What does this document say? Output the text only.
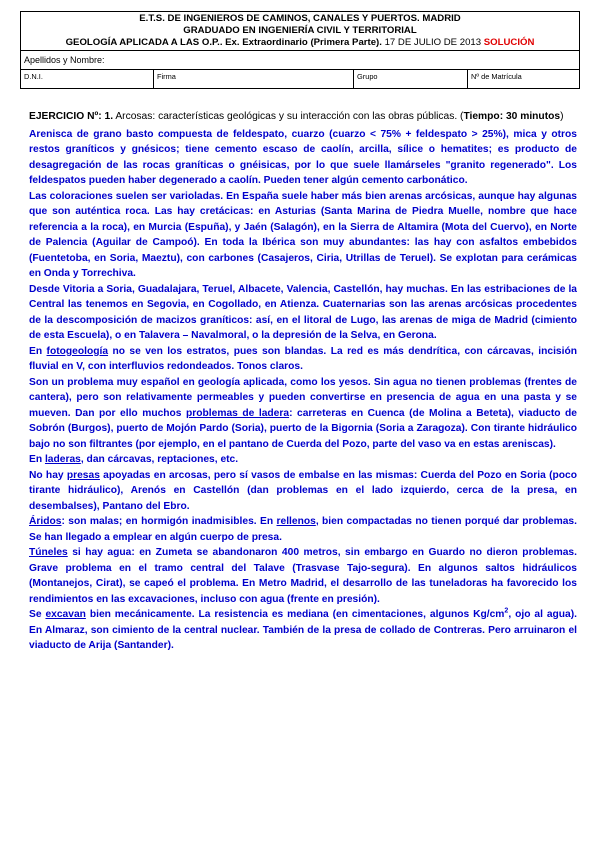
E.T.S. DE INGENIEROS DE CAMINOS, CANALES Y PUERTOS. MADRID
GRADUADO EN INGENIERÍA CIVIL Y TERRITORIAL
GEOLOGÍA APLICADA A LAS O.P.. Ex. Extraordinario (Primera Parte). 17 DE JULIO DE 2013 SOLUCIÓN

Apellidos y Nombre:
D.N.I.	Firma	Grupo	Nº de Matrícula

EJERCICIO Nº: 1. Arcosas: características geológicas y su interacción con las obras públicas. (Tiempo: 30 minutos)

Arenisca de grano basto compuesta de feldespato, cuarzo (cuarzo < 75% + feldespato > 25%), mica y otros restos graníticos y gnésicos; tiene cemento escaso de caolín, arcilla, sílice o hematites; es producto de desagregación de las rocas graníticas o gnéisicas, por lo que suele llamárseles "granito regenerado". Los feldespatos pueden haber degenerado a caolín. Pueden tener algún cemento carbonático.

Las coloraciones suelen ser varioladas. En España suele haber más bien arenas arcósicas, aunque hay algunas que son auténtica roca. Las hay cretácicas: en Asturias (Santa Marina de Piedra Muelle, nombre que hace referencia a la roca), en Murcia (Espuña), y Jaén (Salagón), en la Sierra de Altamira (Mota del Cuervo), en Norte de Palencia (Aguilar de Campoó). En toda la Ibérica son muy abundantes: las hay con asfaltos embebidos (Fuentetoba, en Soria, Maeztu), con carbones (Casajeros, Ciria, Utrillas de Teruel). Se explotan para cerámicas en Onda y Torrechiva.

Desde Vitoria a Soria, Guadalajara, Teruel, Albacete, Valencia, Castellón, hay muchas. En las estribaciones de la Central las tenemos en Segovia, en Cogollado, en Atienza. Cuaternarias son las arenas arcósicas procedentes de la descomposición de macizos graníticos: así, en el litoral de Lugo, las arenas de miga de Madrid (cimiento de esta Escuela), o en Talavera – Navalmoral, o la depresión de la Selva, en Gerona.

En fotogeología no se ven los estratos, pues son blandas. La red es más dendrítica, con cárcavas, incisión fluvial en V, con interfluvios redondeados. Tonos claros.

Son un problema muy español en geología aplicada, como los yesos. Sin agua no tienen problemas (frentes de cantera), pero son relativamente permeables y pueden convertirse en presencia de agua en una pasta y se mueven. Dan por ello muchos problemas de ladera: carreteras en Cuenca (de Molina a Beteta), viaducto de Sobrón (Burgos), puerto de Mojón Pardo (Soria), puerto de la Bigornia (Soria a Zaragoza). Con tirante hidráulico bajo no son filtrantes (por ejemplo, en el pantano de Cuerda del Pozo, parte del vaso va en estas areniscas).

En laderas, dan cárcavas, reptaciones, etc.

No hay presas apoyadas en arcosas, pero sí vasos de embalse en las mismas: Cuerda del Pozo en Soria (poco tirante hidráulico), Arenós en Castellón (dan problemas en el lado izquierdo, cerca de la presa, en desembalses), Pantano del Ebro.

Áridos: son malas; en hormigón inadmisibles. En rellenos, bien compactadas no tienen porqué dar problemas. Se han llegado a emplear en algún cuerpo de presa.

Túneles si hay agua: en Zumeta se abandonaron 400 metros, sin embargo en Guardo no dieron problemas. Grave problema en el tramo central del Talave (Trasvase Tajo-segura). En algunos saltos hidráulicos (Montanejos, Cirat), se capeó el problema. En Metro Madrid, el desarrollo de las tuneladoras ha favorecido los rendimientos en las excavaciones, incluso con agua (frente en presión).

Se excavan bien mecánicamente. La resistencia es mediana (en cimentaciones, algunos $Kg/cm^2$, ojo al agua). En Almaraz, son cimiento de la central nuclear. También de la presa de collado de Contreras. Pero arruinaron el viaducto de Arija (Santander).
